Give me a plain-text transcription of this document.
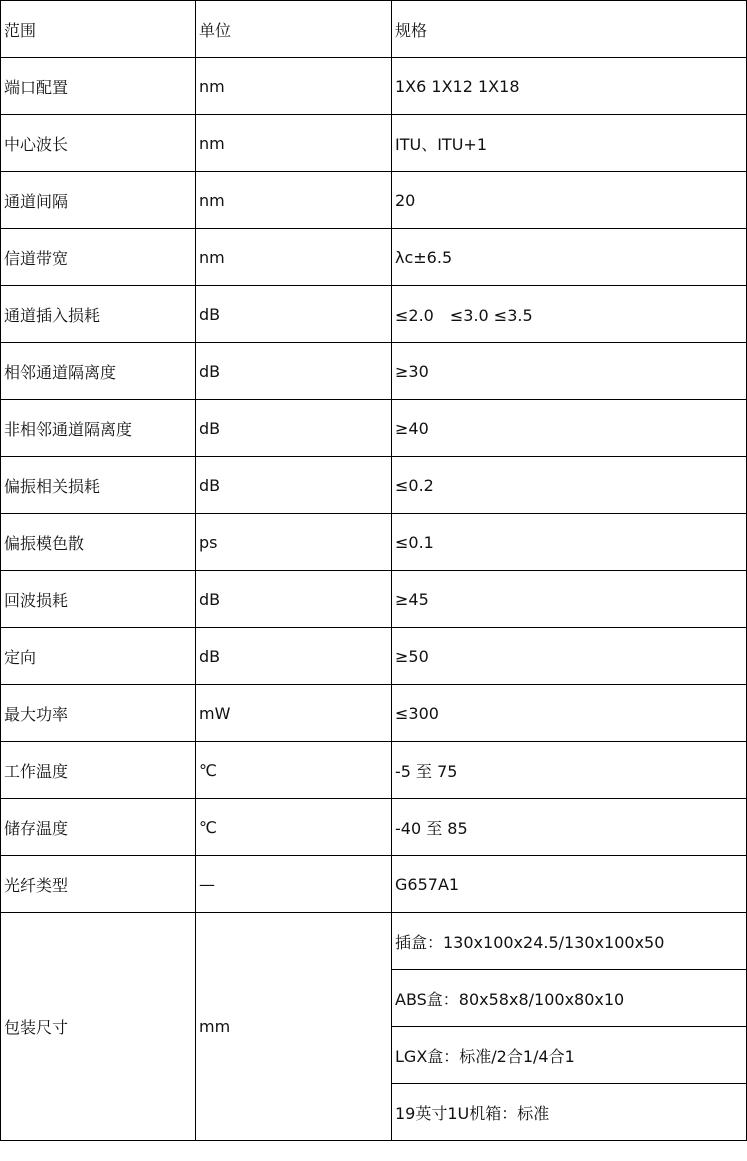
范围	单位	规格
端口配置	nm	1X6 1X12 1X18
中心波长	nm	ITU、ITU+1
通道间隔	nm	20
信道带宽	nm	λc±6.5
通道插入损耗	dB	≤2.0　≤3.0 ≤3.5
相邻通道隔离度	dB	≥30
非相邻通道隔离度	dB	≥40
偏振相关损耗	dB	≤0.2
偏振模色散	ps	≤0.1
回波损耗	dB	≥45
定向	dB	≥50
最大功率	mW	≤300
工作温度	℃	-5 至 75
储存温度	℃	-40 至 85
光纤类型	—	G657A1
包装尺寸	mm	插盒：130x100x24.5/130x100x50
		ABS盒：80x58x8/100x80x10
		LGX盒：标准/2合1/4合1
		19英寸1U机箱：标准
